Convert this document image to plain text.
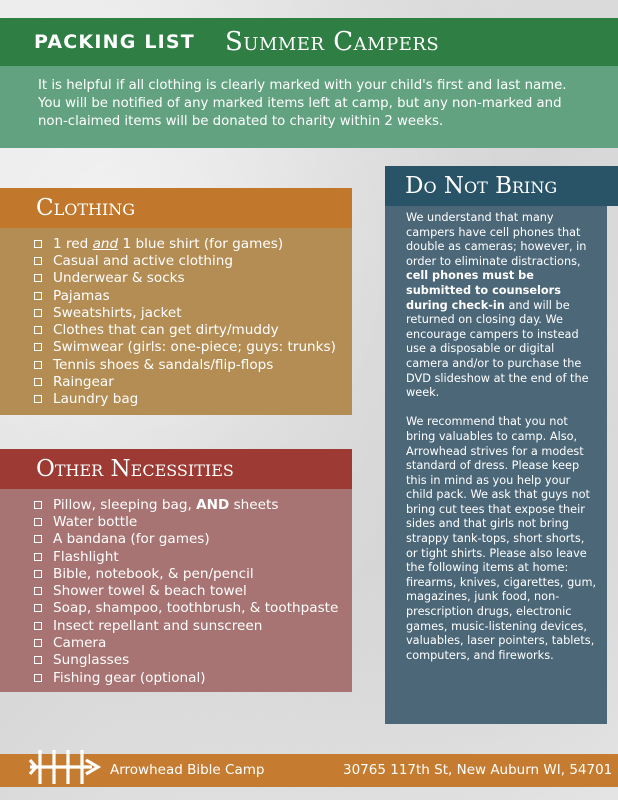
PACKING LIST Summer Campers
It is helpful if all clothing is clearly marked with your child's first and last name. You will be notified of any marked items left at camp, but any non-marked and non-claimed items will be donated to charity within 2 weeks.
Clothing
1 red and 1 blue shirt (for games)
Casual and active clothing
Underwear & socks
Pajamas
Sweatshirts, jacket
Clothes that can get dirty/muddy
Swimwear (girls: one-piece; guys: trunks)
Tennis shoes & sandals/flip-flops
Raingear
Laundry bag
Do Not Bring

We understand that many campers have cell phones that double as cameras; however, in order to eliminate distractions, cell phones must be submitted to counselors during check-in and will be returned on closing day. We encourage campers to instead use a disposable or digital camera and/or to purchase the DVD slideshow at the end of the week.

We recommend that you not bring valuables to camp. Also, Arrowhead strives for a modest standard of dress. Please keep this in mind as you help your child pack. We ask that guys not bring cut tees that expose their sides and that girls not bring strappy tank-tops, short shorts, or tight shirts. Please also leave the following items at home: firearms, knives, cigarettes, gum, magazines, junk food, non-prescription drugs, electronic games, music-listening devices, valuables, laser pointers, tablets, computers, and fireworks.

Other Necessities
Pillow, sleeping bag, AND sheets
Water bottle
A bandana (for games)
Flashlight
Bible, notebook, & pen/pencil
Shower towel & beach towel
Soap, shampoo, toothbrush, & toothpaste
Insect repellant and sunscreen
Camera
Sunglasses
Fishing gear (optional)
Arrowhead Bible Camp	30765 117th St, New Auburn WI, 54701
